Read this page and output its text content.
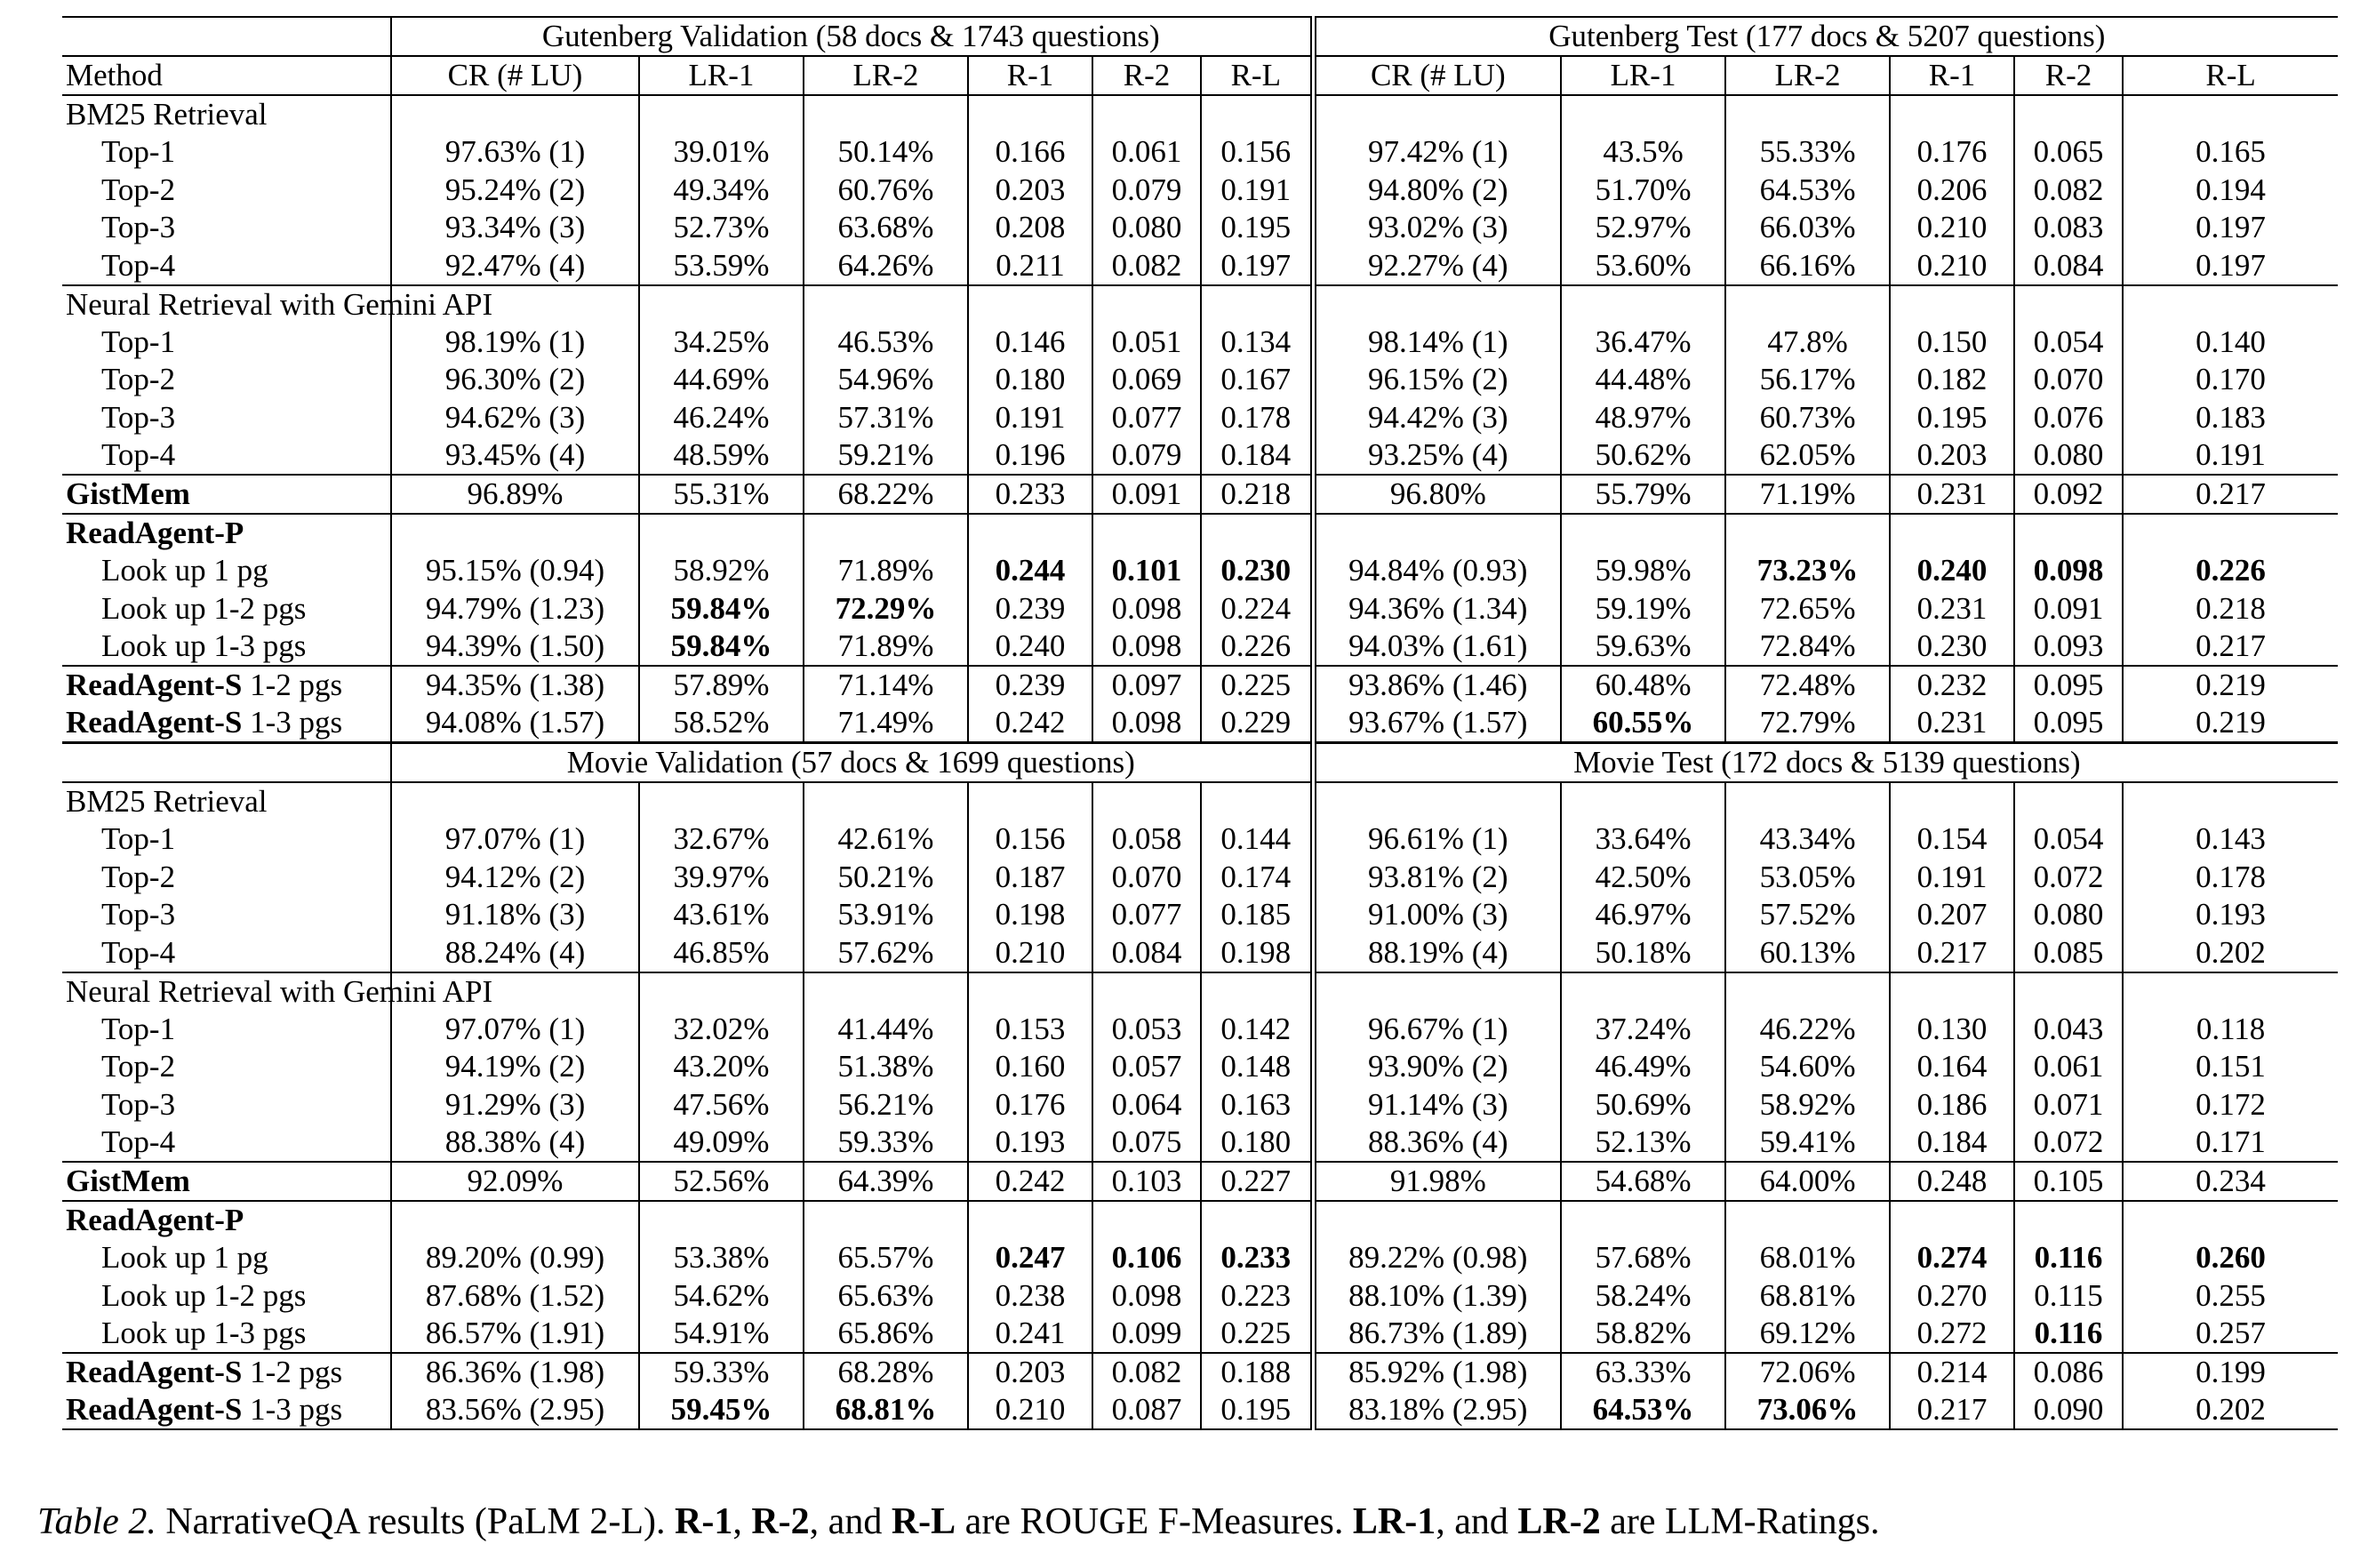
	Gutenberg Validation (58 docs & 1743 questions)						Gutenberg Test (177 docs & 5207 questions)					
Method	CR (# LU)	LR-1	LR-2	R-1	R-2	R-L	CR (# LU)	LR-1	LR-2	R-1	R-2	R-L
BM25 Retrieval												
Top-1	97.63% (1)	39.01%	50.14%	0.166	0.061	0.156	97.42% (1)	43.5%	55.33%	0.176	0.065	0.165
Top-2	95.24% (2)	49.34%	60.76%	0.203	0.079	0.191	94.80% (2)	51.70%	64.53%	0.206	0.082	0.194
Top-3	93.34% (3)	52.73%	63.68%	0.208	0.080	0.195	93.02% (3)	52.97%	66.03%	0.210	0.083	0.197
Top-4	92.47% (4)	53.59%	64.26%	0.211	0.082	0.197	92.27% (4)	53.60%	66.16%	0.210	0.084	0.197
Neural Retrieval with Gemini API												
Top-1	98.19% (1)	34.25%	46.53%	0.146	0.051	0.134	98.14% (1)	36.47%	47.8%	0.150	0.054	0.140
Top-2	96.30% (2)	44.69%	54.96%	0.180	0.069	0.167	96.15% (2)	44.48%	56.17%	0.182	0.070	0.170
Top-3	94.62% (3)	46.24%	57.31%	0.191	0.077	0.178	94.42% (3)	48.97%	60.73%	0.195	0.076	0.183
Top-4	93.45% (4)	48.59%	59.21%	0.196	0.079	0.184	93.25% (4)	50.62%	62.05%	0.203	0.080	0.191
GistMem	96.89%	55.31%	68.22%	0.233	0.091	0.218	96.80%	55.79%	71.19%	0.231	0.092	0.217
ReadAgent-P												
Look up 1 pg	95.15% (0.94)	58.92%	71.89%	0.244	0.101	0.230	94.84% (0.93)	59.98%	73.23%	0.240	0.098	0.226
Look up 1-2 pgs	94.79% (1.23)	59.84%	72.29%	0.239	0.098	0.224	94.36% (1.34)	59.19%	72.65%	0.231	0.091	0.218
Look up 1-3 pgs	94.39% (1.50)	59.84%	71.89%	0.240	0.098	0.226	94.03% (1.61)	59.63%	72.84%	0.230	0.093	0.217
ReadAgent-S 1-2 pgs	94.35% (1.38)	57.89%	71.14%	0.239	0.097	0.225	93.86% (1.46)	60.48%	72.48%	0.232	0.095	0.219
ReadAgent-S 1-3 pgs	94.08% (1.57)	58.52%	71.49%	0.242	0.098	0.229	93.67% (1.57)	60.55%	72.79%	0.231	0.095	0.219
	Movie Validation (57 docs & 1699 questions)						Movie Test (172 docs & 5139 questions)					
BM25 Retrieval												
Top-1	97.07% (1)	32.67%	42.61%	0.156	0.058	0.144	96.61% (1)	33.64%	43.34%	0.154	0.054	0.143
Top-2	94.12% (2)	39.97%	50.21%	0.187	0.070	0.174	93.81% (2)	42.50%	53.05%	0.191	0.072	0.178
Top-3	91.18% (3)	43.61%	53.91%	0.198	0.077	0.185	91.00% (3)	46.97%	57.52%	0.207	0.080	0.193
Top-4	88.24% (4)	46.85%	57.62%	0.210	0.084	0.198	88.19% (4)	50.18%	60.13%	0.217	0.085	0.202
Neural Retrieval with Gemini API												
Top-1	97.07% (1)	32.02%	41.44%	0.153	0.053	0.142	96.67% (1)	37.24%	46.22%	0.130	0.043	0.118
Top-2	94.19% (2)	43.20%	51.38%	0.160	0.057	0.148	93.90% (2)	46.49%	54.60%	0.164	0.061	0.151
Top-3	91.29% (3)	47.56%	56.21%	0.176	0.064	0.163	91.14% (3)	50.69%	58.92%	0.186	0.071	0.172
Top-4	88.38% (4)	49.09%	59.33%	0.193	0.075	0.180	88.36% (4)	52.13%	59.41%	0.184	0.072	0.171
GistMem	92.09%	52.56%	64.39%	0.242	0.103	0.227	91.98%	54.68%	64.00%	0.248	0.105	0.234
ReadAgent-P												
Look up 1 pg	89.20% (0.99)	53.38%	65.57%	0.247	0.106	0.233	89.22% (0.98)	57.68%	68.01%	0.274	0.116	0.260
Look up 1-2 pgs	87.68% (1.52)	54.62%	65.63%	0.238	0.098	0.223	88.10% (1.39)	58.24%	68.81%	0.270	0.115	0.255
Look up 1-3 pgs	86.57% (1.91)	54.91%	65.86%	0.241	0.099	0.225	86.73% (1.89)	58.82%	69.12%	0.272	0.116	0.257
ReadAgent-S 1-2 pgs	86.36% (1.98)	59.33%	68.28%	0.203	0.082	0.188	85.92% (1.98)	63.33%	72.06%	0.214	0.086	0.199
ReadAgent-S 1-3 pgs	83.56% (2.95)	59.45%	68.81%	0.210	0.087	0.195	83.18% (2.95)	64.53%	73.06%	0.217	0.090	0.202
Table 2. NarrativeQA results (PaLM 2-L). R-1, R-2, and R-L are ROUGE F-Measures. LR-1, and LR-2 are LLM-Ratings.
